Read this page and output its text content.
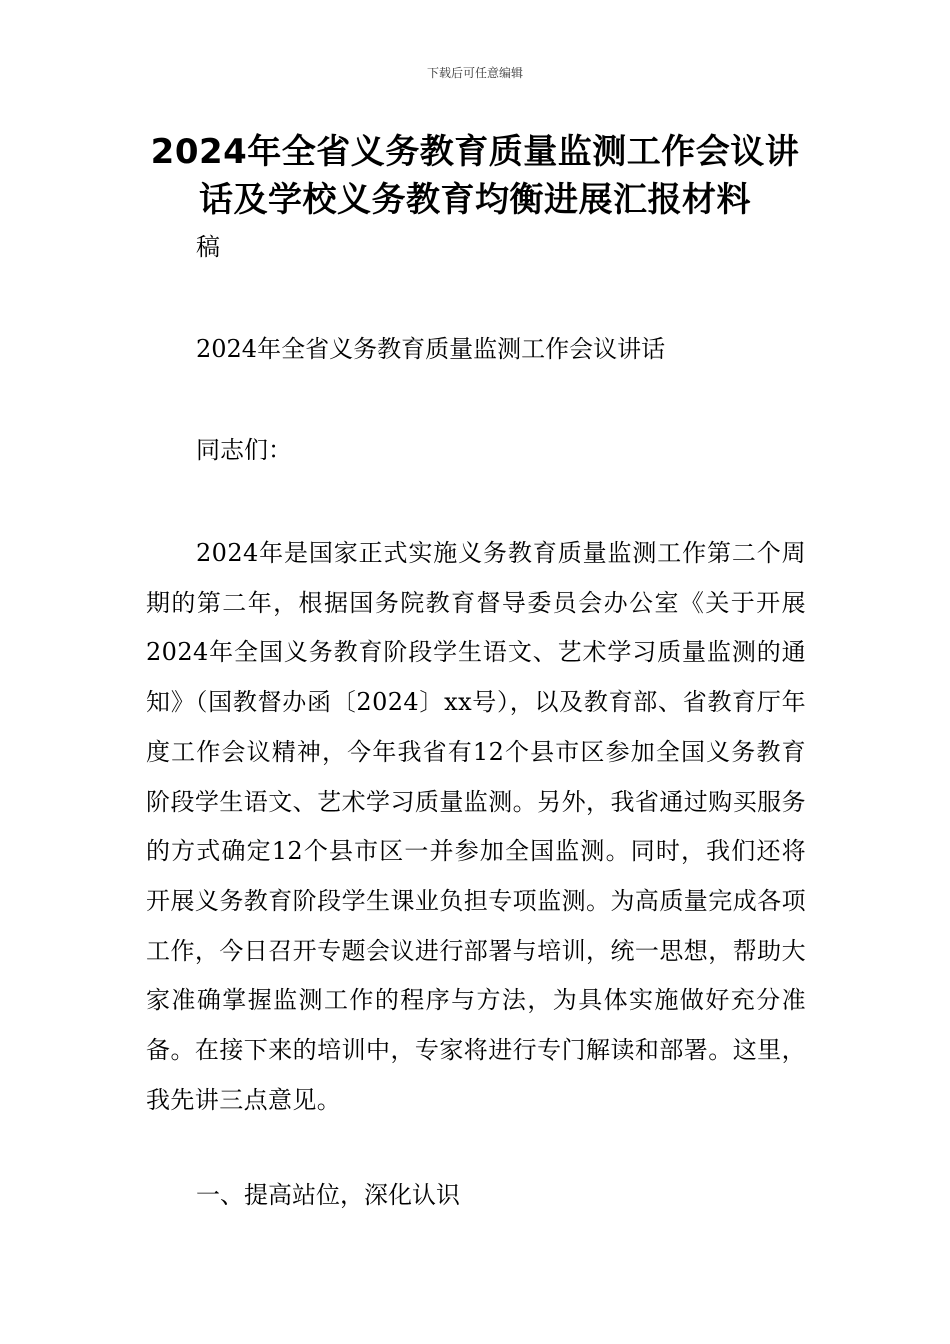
下载后可任意编辑
2024年全省义务教育质量监测工作会议讲话及学校义务教育均衡进展汇报材料
稿
2024年全省义务教育质量监测工作会议讲话
同志们：

2024年是国家正式实施义务教育质量监测工作第二个周期的第二年，根据国务院教育督导委员会办公室《关于开展2024年全国义务教育阶段学生语文、艺术学习质量监测的通知》（国教督办函〔2024〕xx号），以及教育部、省教育厅年度工作会议精神，今年我省有12个县市区参加全国义务教育阶段学生语文、艺术学习质量监测。另外，我省通过购买服务的方式确定12个县市区一并参加全国监测。同时，我们还将开展义务教育阶段学生课业负担专项监测。为高质量完成各项工作，今日召开专题会议进行部署与培训，统一思想，帮助大家准确掌握监测工作的程序与方法，为具体实施做好充分准备。在接下来的培训中，专家将进行专门解读和部署。这里，我先讲三点意见。

一、提高站位，深化认识
